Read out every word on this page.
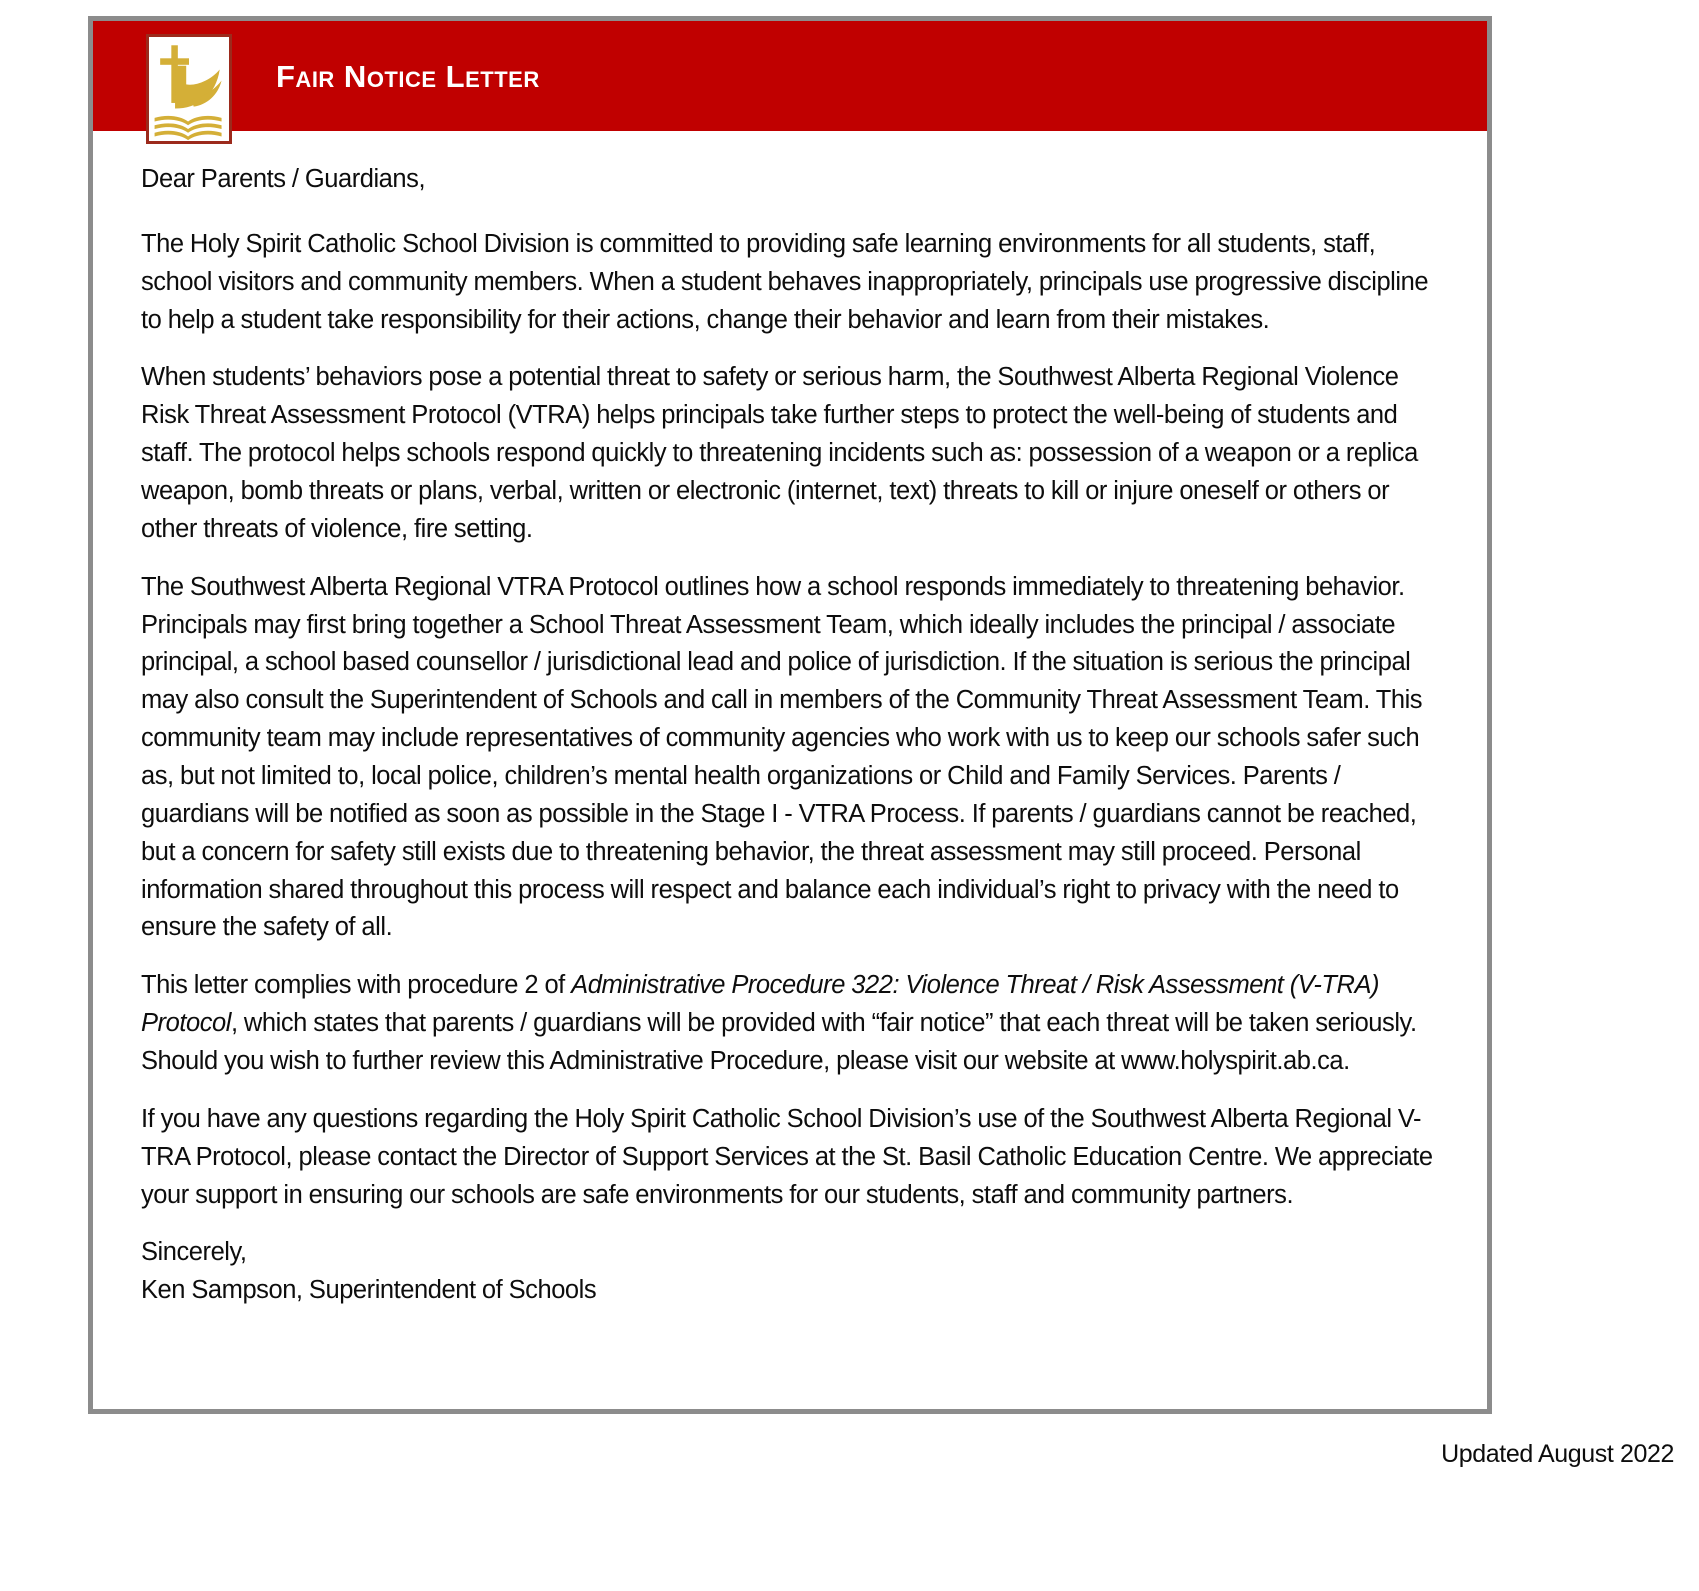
Fair Notice Letter

Dear Parents / Guardians,

The Holy Spirit Catholic School Division is committed to providing safe learning environments for all students, staff, school visitors and community members. When a student behaves inappropriately, principals use progressive discipline to help a student take responsibility for their actions, change their behavior and learn from their mistakes.

When students’ behaviors pose a potential threat to safety or serious harm, the Southwest Alberta Regional Violence Risk Threat Assessment Protocol (VTRA) helps principals take further steps to protect the well-being of students and staff. The protocol helps schools respond quickly to threatening incidents such as: possession of a weapon or a replica weapon, bomb threats or plans, verbal, written or electronic (internet, text) threats to kill or injure oneself or others or other threats of violence, fire setting.

The Southwest Alberta Regional VTRA Protocol outlines how a school responds immediately to threatening behavior. Principals may first bring together a School Threat Assessment Team, which ideally includes the principal / associate principal, a school based counsellor / jurisdictional lead and police of jurisdiction. If the situation is serious the principal may also consult the Superintendent of Schools and call in members of the Community Threat Assessment Team. This community team may include representatives of community agencies who work with us to keep our schools safer such as, but not limited to, local police, children’s mental health organizations or Child and Family Services. Parents / guardians will be notified as soon as possible in the Stage I - VTRA Process. If parents / guardians cannot be reached, but a concern for safety still exists due to threatening behavior, the threat assessment may still proceed. Personal information shared throughout this process will respect and balance each individual’s right to privacy with the need to ensure the safety of all.

This letter complies with procedure 2 of Administrative Procedure 322: Violence Threat / Risk Assessment (V-TRA) Protocol, which states that parents / guardians will be provided with “fair notice” that each threat will be taken seriously. Should you wish to further review this Administrative Procedure, please visit our website at www.holyspirit.ab.ca.

If you have any questions regarding the Holy Spirit Catholic School Division’s use of the Southwest Alberta Regional V-TRA Protocol, please contact the Director of Support Services at the St. Basil Catholic Education Centre. We appreciate your support in ensuring our schools are safe environments for our students, staff and community partners.

Sincerely,
Ken Sampson, Superintendent of Schools
Updated August 2022
